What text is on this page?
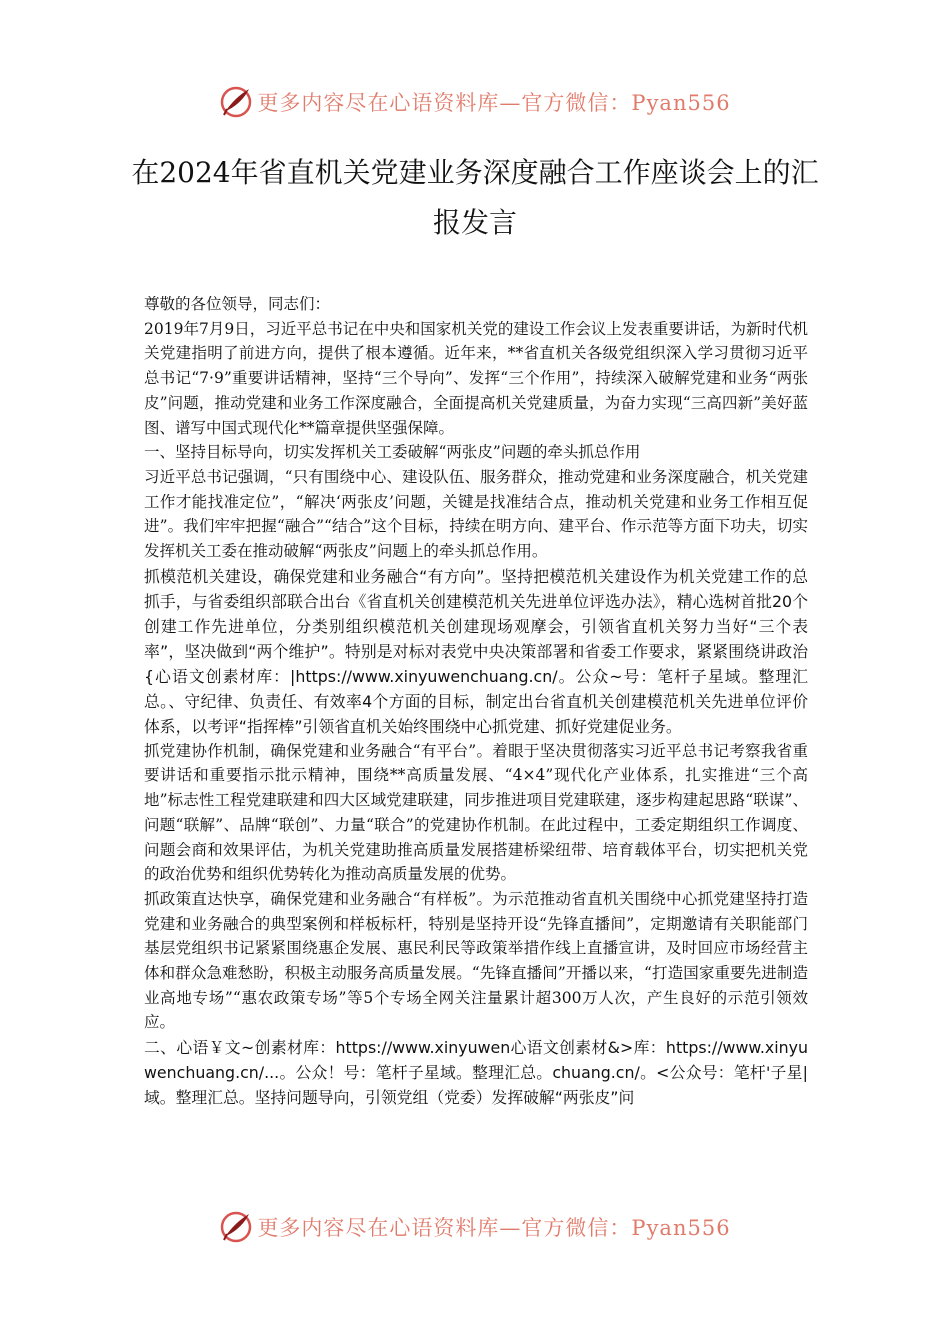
更多内容尽在心语资料库—官方微信：Pyan556
在2024年省直机关党建业务深度融合工作座谈会上的汇报发言

尊敬的各位领导，同志们：

2019年7月9日，习近平总书记在中央和国家机关党的建设工作会议上发表重要讲话，为新时代机关党建指明了前进方向，提供了根本遵循。近年来，**省直机关各级党组织深入学习贯彻习近平总书记“7·9”重要讲话精神，坚持“三个导向”、发挥“三个作用”，持续深入破解党建和业务“两张皮”问题，推动党建和业务工作深度融合，全面提高机关党建质量，为奋力实现“三高四新”美好蓝图、谱写中国式现代化**篇章提供坚强保障。

一、坚持目标导向，切实发挥机关工委破解“两张皮”问题的牵头抓总作用

习近平总书记强调，“只有围绕中心、建设队伍、服务群众，推动党建和业务深度融合，机关党建工作才能找准定位”，“解决‘两张皮’问题，关键是找准结合点，推动机关党建和业务工作相互促进”。我们牢牢把握“融合”“结合”这个目标，持续在明方向、建平台、作示范等方面下功夫，切实发挥机关工委在推动破解“两张皮”问题上的牵头抓总作用。

抓模范机关建设，确保党建和业务融合“有方向”。坚持把模范机关建设作为机关党建工作的总抓手，与省委组织部联合出台《省直机关创建模范机关先进单位评选办法》，精心选树首批20个创建工作先进单位，分类别组织模范机关创建现场观摩会，引领省直机关努力当好“三个表率”，坚决做到“两个维护”。特别是对标对表党中央决策部署和省委工作要求，紧紧围绕讲政治{心语文创素材库：|https://www.xinyuwenchuang.cn/。公众~号：笔杆子星域。整理汇总。、守纪律、负责任、有效率4个方面的目标，制定出台省直机关创建模范机关先进单位评价体系，以考评“指挥棒”引领省直机关始终围绕中心抓党建、抓好党建促业务。

抓党建协作机制，确保党建和业务融合“有平台”。着眼于坚决贯彻落实习近平总书记考察我省重要讲话和重要指示批示精神，围绕**高质量发展、“4×4”现代化产业体系，扎实推进“三个高地”标志性工程党建联建和四大区域党建联建，同步推进项目党建联建，逐步构建起思路“联谋”、问题“联解”、品牌“联创”、力量“联合”的党建协作机制。在此过程中，工委定期组织工作调度、问题会商和效果评估，为机关党建助推高质量发展搭建桥梁纽带、培育载体平台，切实把机关党的政治优势和组织优势转化为推动高质量发展的优势。

抓政策直达快享，确保党建和业务融合“有样板”。为示范推动省直机关围绕中心抓党建坚持打造党建和业务融合的典型案例和样板标杆，特别是坚持开设“先锋直播间”，定期邀请有关职能部门基层党组织书记紧紧围绕惠企发展、惠民利民等政策举措作线上直播宣讲，及时回应市场经营主体和群众急难愁盼，积极主动服务高质量发展。“先锋直播间”开播以来，“打造国家重要先进制造业高地专场”“惠农政策专场”等5个专场全网关注量累计超300万人次，产生良好的示范引领效应。

二、心语￥文~创素材库：https://www.xinyuwen心语文创素材&>库：https://www.xinyuwenchuang.cn/...。公众！号：笔杆子星域。整理汇总。chuang.cn/。<公众号：笔杆'子星|域。整理汇总。坚持问题导向，引领党组（党委）发挥破解“两张皮”问

更多内容尽在心语资料库—官方微信：Pyan556
